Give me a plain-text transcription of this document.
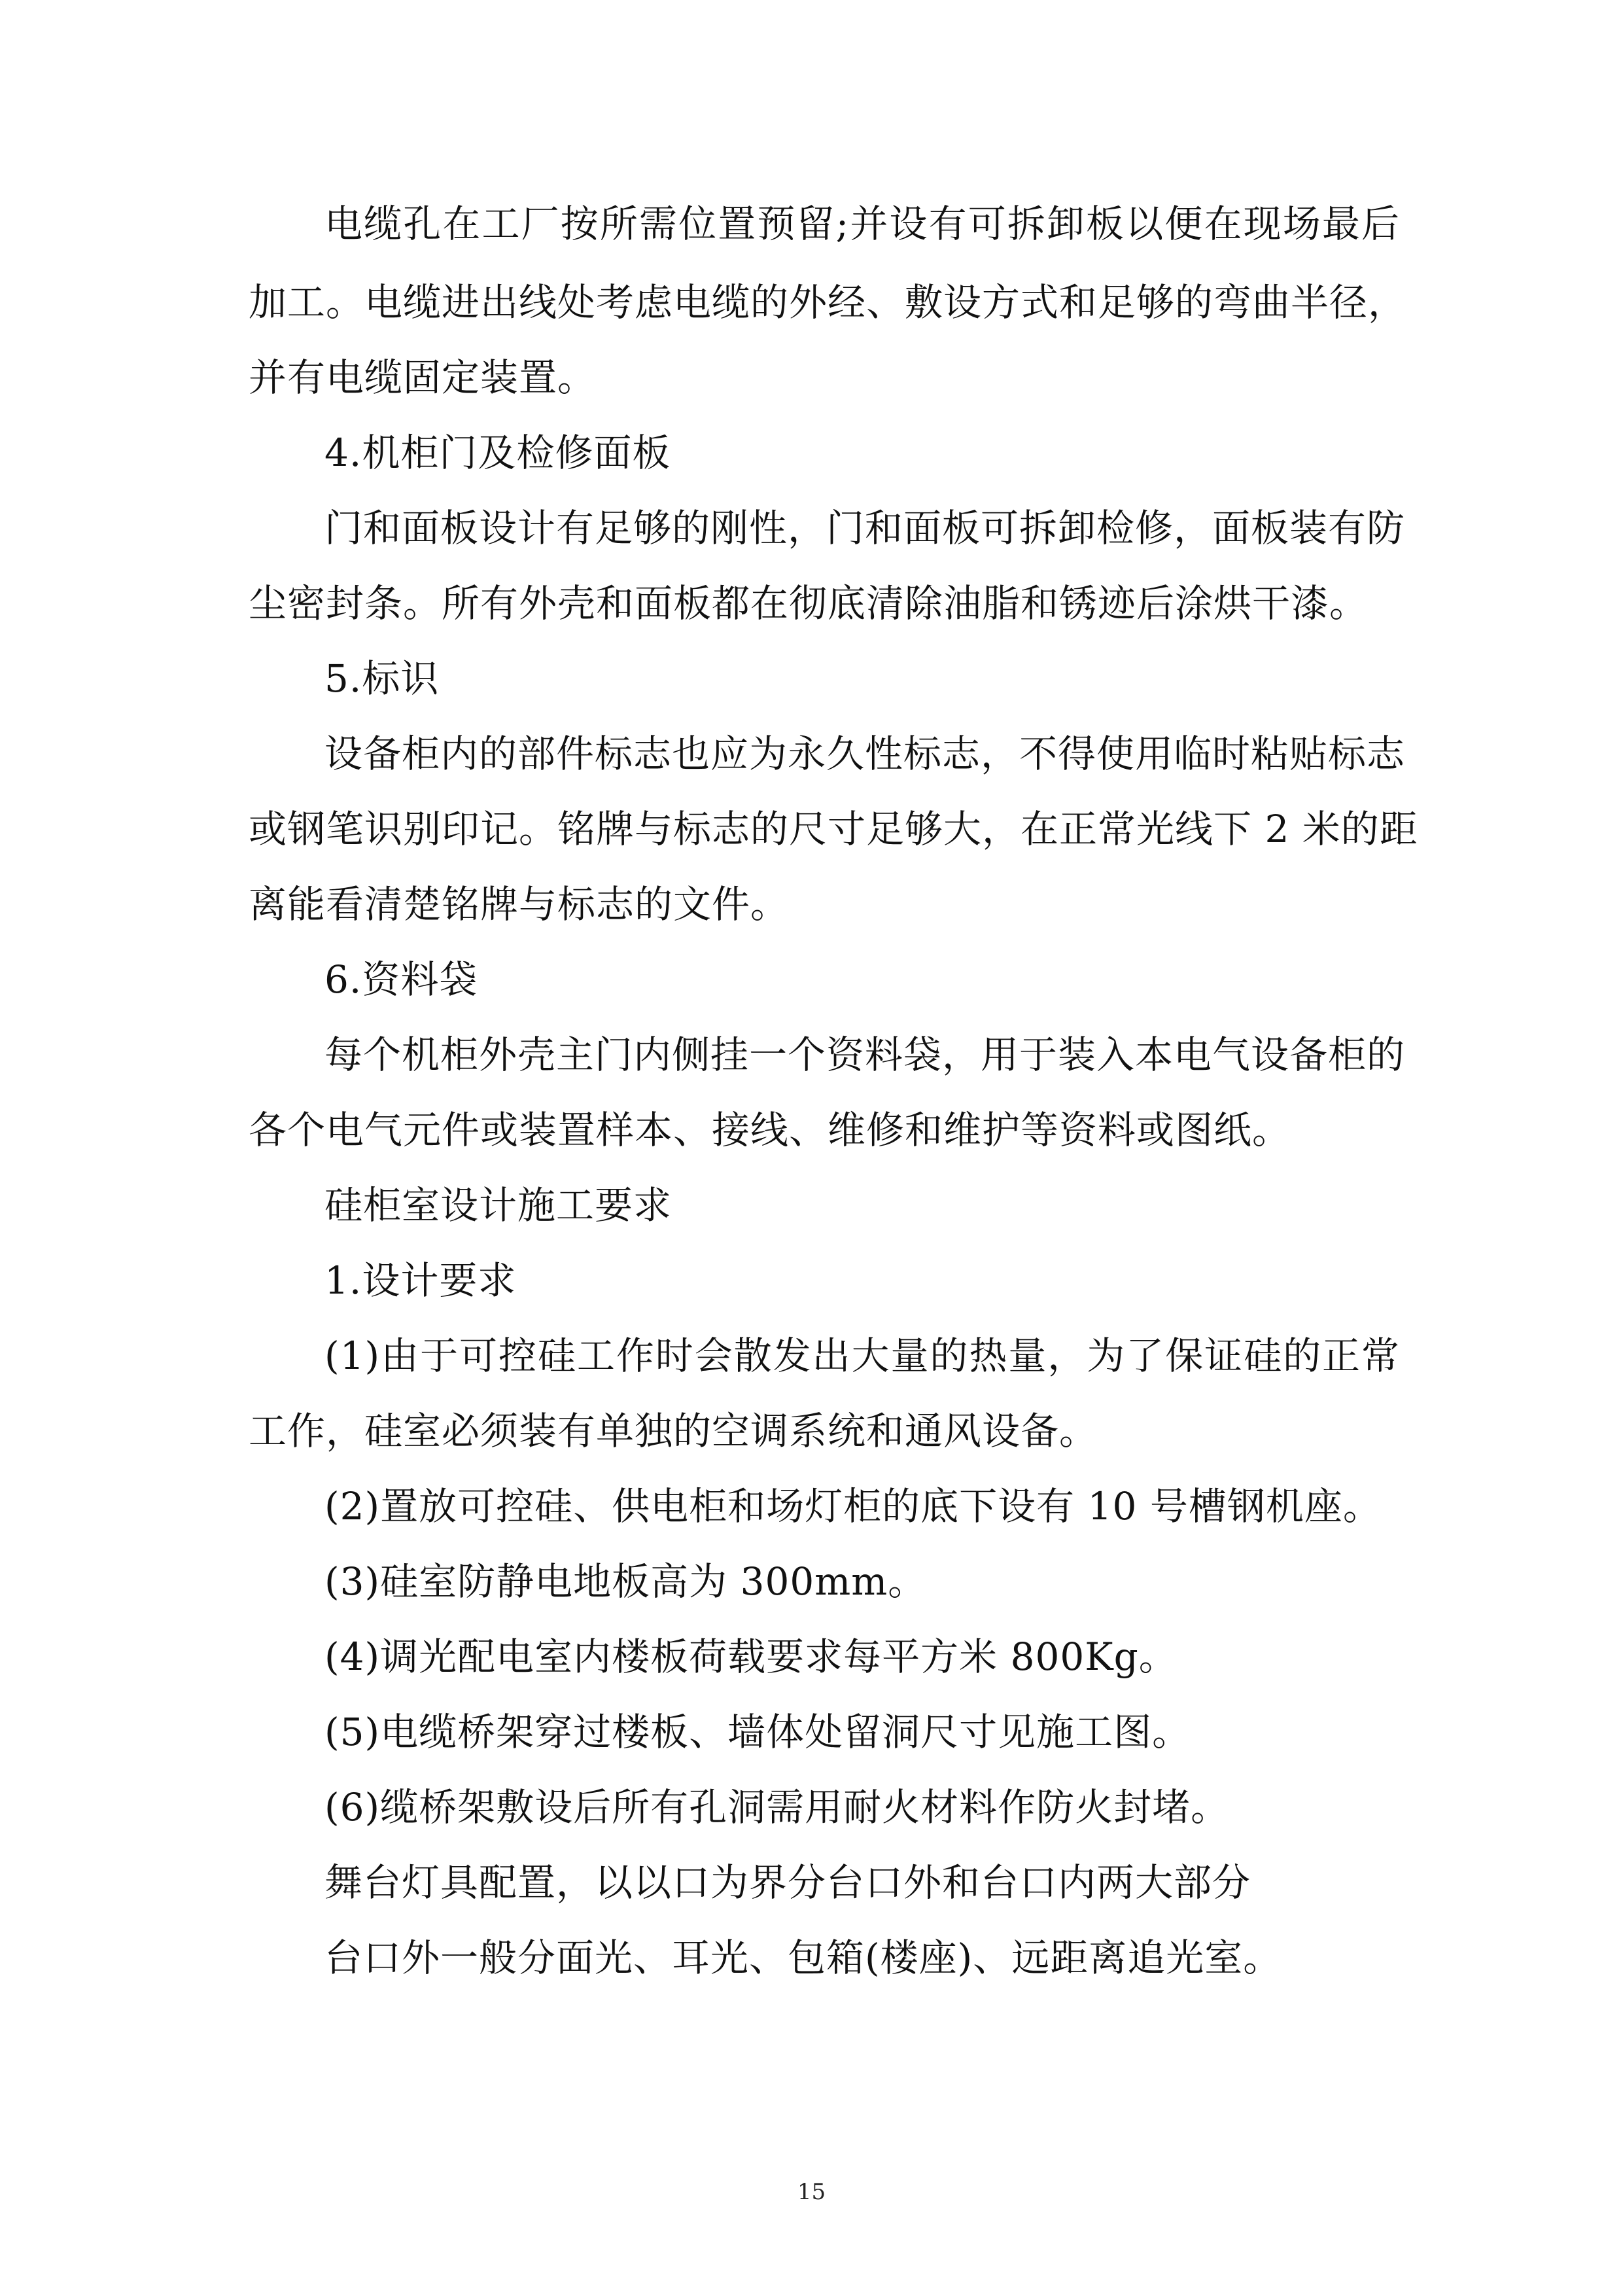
电缆孔在工厂按所需位置预留;并设有可拆卸板以便在现场最后

加工。电缆进出线处考虑电缆的外经、敷设方式和足够的弯曲半径，

并有电缆固定装置。

4.机柜门及检修面板

门和面板设计有足够的刚性，门和面板可拆卸检修，面板装有防

尘密封条。所有外壳和面板都在彻底清除油脂和锈迹后涂烘干漆。

5.标识

设备柜内的部件标志也应为永久性标志，不得使用临时粘贴标志

或钢笔识别印记。铭牌与标志的尺寸足够大，在正常光线下 2 米的距

离能看清楚铭牌与标志的文件。

6.资料袋

每个机柜外壳主门内侧挂一个资料袋，用于装入本电气设备柜的

各个电气元件或装置样本、接线、维修和维护等资料或图纸。

硅柜室设计施工要求

1.设计要求

(1)由于可控硅工作时会散发出大量的热量，为了保证硅的正常

工作，硅室必须装有单独的空调系统和通风设备。

(2)置放可控硅、供电柜和场灯柜的底下设有 10 号槽钢机座。

(3)硅室防静电地板高为 300mm。

(4)调光配电室内楼板荷载要求每平方米 800Kg。

(5)电缆桥架穿过楼板、墙体处留洞尺寸见施工图。

(6)缆桥架敷设后所有孔洞需用耐火材料作防火封堵。

舞台灯具配置，以以口为界分台口外和台口内两大部分

台口外一般分面光、耳光、包箱(楼座)、远距离追光室。

15
